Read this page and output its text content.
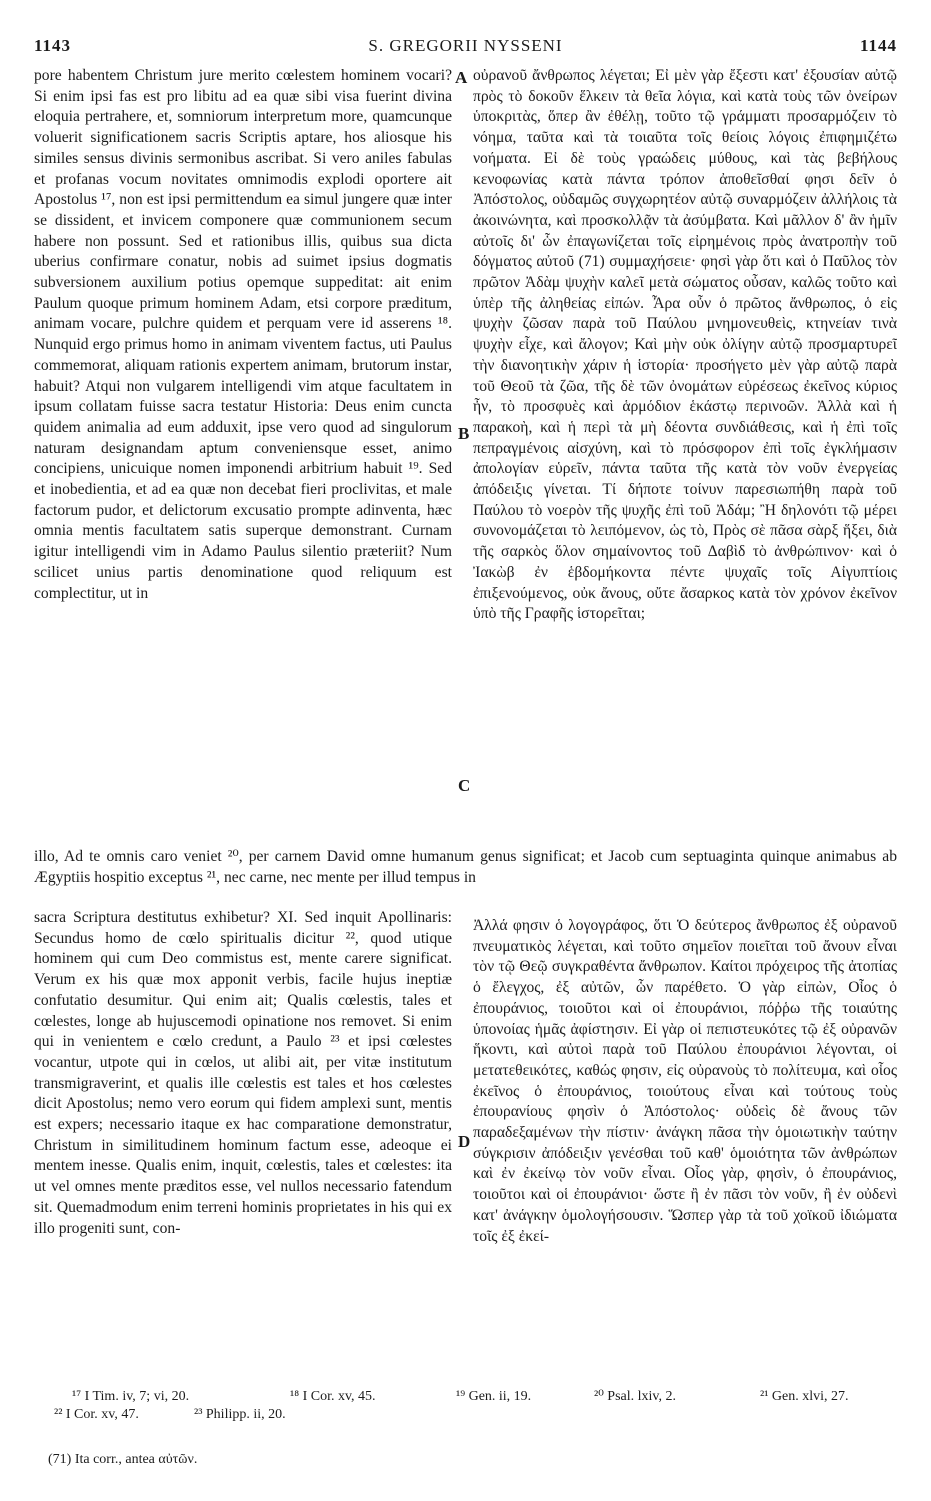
1143	S. GREGORII NYSSENI	1144

pore habentem Christum jure merito cœlestem hominem vocari? Si enim ipsi fas est pro libitu ad ea quæ sibi visa fuerint divina eloquia pertrahere, et, somniorum interpretum more, quamcunque voluerit significationem sacris Scriptis aptare, hos aliosque his similes sensus divinis sermonibus ascribat. Si vero aniles fabulas et profanas vocum novitates omnimodis explodi oportere ait Apostolus ¹⁷, non est ipsi permittendum ea simul jungere quæ inter se dissident, et invicem componere quæ communionem secum habere non possunt. Sed et rationibus illis, quibus sua dicta uberius confirmare conatur, nobis ad suimet ipsius dogmatis subversionem auxilium potius opemque suppeditat: ait enim Paulum quoque primum hominem Adam, etsi corpore præditum, animam vocare, pulchre quidem et perquam vere id asserens ¹⁸. Nunquid ergo primus homo in animam viventem factus, uti Paulus commemorat, aliquam rationis expertem animam, brutorum instar, habuit? Atqui non vulgarem intelligendi vim atque facultatem in ipsum collatam fuisse sacra testatur Historia: Deus enim cuncta quidem animalia ad eum adduxit, ipse vero quod ad singulorum naturam designandam aptum conveniensque esset, animo concipiens, unicuique nomen imponendi arbitrium habuit ¹⁹. Sed et inobedientia, et ad ea quæ non decebat fieri proclivitas, et male factorum pudor, et delictorum excusatio prompte adinventa, hæc omnia mentis facultatem satis superque demonstrant. Curnam igitur intelligendi vim in Adamo Paulus silentio præteriit? Num scilicet unius partis denominatione quod reliquum est complectitur, ut in

οὐρανοῦ ἄνθρωπος λέγεται; Εἰ μὲν γὰρ ἔξεστι κατ' ἐξουσίαν αὐτῷ πρὸς τὸ δοκοῦν ἕλκειν τὰ θεῖα λόγια, καὶ κατὰ τοὺς τῶν ὀνείρων ὑποκριτὰς, ὅπερ ἂν ἐθέλῃ, τοῦτο τῷ γράμματι προσαρμόζειν τὸ νόημα, ταῦτα καὶ τὰ τοιαῦτα τοῖς θείοις λόγοις ἐπιφημιζέτω νοήματα. Εἰ δὲ τοὺς γραώδεις μύθους, καὶ τὰς βεβήλους κενοφωνίας κατὰ πάντα τρόπον ἀποθεῖσθαί φησι δεῖν ὁ Ἀπόστολος, οὐδαμῶς συγχωρητέον αὐτῷ συναρμόζειν ἀλλήλοις τὰ ἀκοινώνητα, καὶ προσκολλᾷν τὰ ἀσύμβατα. Καὶ μᾶλλον δ' ἂν ἡμῖν αὐτοῖς δι' ὧν ἐπαγωνίζεται τοῖς εἰρημένοις πρὸς ἀνατροπὴν τοῦ δόγματος αὐτοῦ (71) συμμαχήσειε· φησὶ γὰρ ὅτι καὶ ὁ Παῦλος τὸν πρῶτον Ἀδὰμ ψυχὴν καλεῖ μετὰ σώματος οὖσαν, καλῶς τοῦτο καὶ ὑπὲρ τῆς ἀληθείας εἰπών. Ἆρα οὖν ὁ πρῶτος ἄνθρωπος, ὁ εἰς ψυχὴν ζῶσαν παρὰ τοῦ Παύλου μνημονευθεὶς, κτηνείαν τινὰ ψυχὴν εἶχε, καὶ ἄλογον; Καὶ μὴν οὐκ ὀλίγην αὐτῷ προσμαρτυρεῖ τὴν διανοητικὴν χάριν ἡ ἱστορία· προσήγετο μὲν γὰρ αὐτῷ παρὰ τοῦ Θεοῦ τὰ ζῶα, τῆς δὲ τῶν ὀνομάτων εὑρέσεως ἐκεῖνος κύριος ἦν, τὸ προσφυὲς καὶ ἁρμόδιον ἑκάστῳ περινοῶν. Ἀλλὰ καὶ ἡ παρακοὴ, καὶ ἡ περὶ τὰ μὴ δέοντα συνδιάθεσις, καὶ ἡ ἐπὶ τοῖς πεπραγμένοις αἰσχύνη, καὶ τὸ πρόσφορον ἐπὶ τοῖς ἐγκλήμασιν ἀπολογίαν εὑρεῖν, πάντα ταῦτα τῆς κατὰ τὸν νοῦν ἐνεργείας ἀπόδειξις γίνεται. Τί δήποτε τοίνυν παρεσιωπήθη παρὰ τοῦ Παύλου τὸ νοερὸν τῆς ψυχῆς ἐπὶ τοῦ Ἀδάμ; Ἢ δηλονότι τῷ μέρει συνονομάζεται τὸ λειπόμενον, ὡς τὸ, Πρὸς σὲ πᾶσα σὰρξ ἥξει, διὰ τῆς σαρκὸς ὅλον σημαίνοντος τοῦ Δαβὶδ τὸ ἀνθρώπινον· καὶ ὁ Ἰακὼβ ἐν ἑβδομήκοντα πέντε ψυχαῖς τοῖς Αἰγυπτίοις ἐπιξενούμενος, οὐκ ἄνους, οὔτε ἄσαρκος κατὰ τὸν χρόνον ἐκεῖνον ὑπὸ τῆς Γραφῆς ἱστορεῖται;

A
B
C
D

illo, Ad te omnis caro veniet ²⁰, per carnem David omne humanum genus significat; et Jacob cum septuaginta quinque animabus ab Ægyptiis hospitio exceptus ²¹, nec carne, nec mente per illud tempus in

sacra Scriptura destitutus exhibetur? XI. Sed inquit Apollinaris: Secundus homo de cœlo spiritualis dicitur ²², quod utique hominem qui cum Deo commistus est, mente carere significat. Verum ex his quæ mox apponit verbis, facile hujus ineptiæ confutatio desumitur. Qui enim ait; Qualis cœlestis, tales et cœlestes, longe ab hujuscemodi opinatione nos removet. Si enim qui in venientem e cœlo credunt, a Paulo ²³ et ipsi cœlestes vocantur, utpote qui in cœlos, ut alibi ait, per vitæ institutum transmigraverint, et qualis ille cœlestis est tales et hos cœlestes dicit Apostolus; nemo vero eorum qui fidem amplexi sunt, mentis est expers; necessario itaque ex hac comparatione demonstratur, Christum in similitudinem hominum factum esse, adeoque ei mentem inesse. Qualis enim, inquit, cœlestis, tales et cœlestes: ita ut vel omnes mente præditos esse, vel nullos necessario fatendum sit. Quemadmodum enim terreni hominis proprietates in his qui ex illo progeniti sunt, con-

Ἀλλά φησιν ὁ λογογράφος, ὅτι Ὁ δεύτερος ἄνθρωπος ἐξ οὐρανοῦ πνευματικὸς λέγεται, καὶ τοῦτο σημεῖον ποιεῖται τοῦ ἄνουν εἶναι τὸν τῷ Θεῷ συγκραθέντα ἄνθρωπον. Καίτοι πρόχειρος τῆς ἀτοπίας ὁ ἔλεγχος, ἐξ αὐτῶν, ὧν παρέθετο. Ὁ γὰρ εἰπὼν, Οἷος ὁ ἐπουράνιος, τοιοῦτοι καὶ οἱ ἐπουράνιοι, πόῤῥω τῆς τοιαύτης ὑπονοίας ἡμᾶς ἀφίστησιν. Εἰ γὰρ οἱ πεπιστευκότες τῷ ἐξ οὐρανῶν ἥκοντι, καὶ αὐτοὶ παρὰ τοῦ Παύλου ἐπουράνιοι λέγονται, οἱ μετατεθεικότες, καθώς φησιν, εἰς οὐρανοὺς τὸ πολίτευμα, καὶ οἷος ἐκεῖνος ὁ ἐπουράνιος, τοιούτους εἶναι καὶ τούτους τοὺς ἐπουρανίους φησὶν ὁ Ἀπόστολος· οὐδεὶς δὲ ἄνους τῶν παραδεξαμένων τὴν πίστιν· ἀνάγκη πᾶσα τὴν ὁμοιωτικὴν ταύτην σύγκρισιν ἀπόδειξιν γενέσθαι τοῦ καθ' ὁμοιότητα τῶν ἀνθρώπων καὶ ἐν ἐκείνῳ τὸν νοῦν εἶναι. Οἷος γὰρ, φησὶν, ὁ ἐπουράνιος, τοιοῦτοι καὶ οἱ ἐπουράνιοι· ὥστε ἢ ἐν πᾶσι τὸν νοῦν, ἢ ἐν οὐδενὶ κατ' ἀνάγκην ὁμολογήσουσιν. Ὥσπερ γὰρ τὰ τοῦ χοϊκοῦ ἰδιώματα τοῖς ἐξ ἐκεί-

¹⁷ I Tim. iv, 7; vi, 20.	¹⁸ I Cor. xv, 45.	¹⁹ Gen. ii, 19.	²⁰ Psal. lxiv, 2.	²¹ Gen. xlvi, 27.
²² I Cor. xv, 47.	²³ Philipp. ii, 20.
(71) Ita corr., antea αὐτῶν.
